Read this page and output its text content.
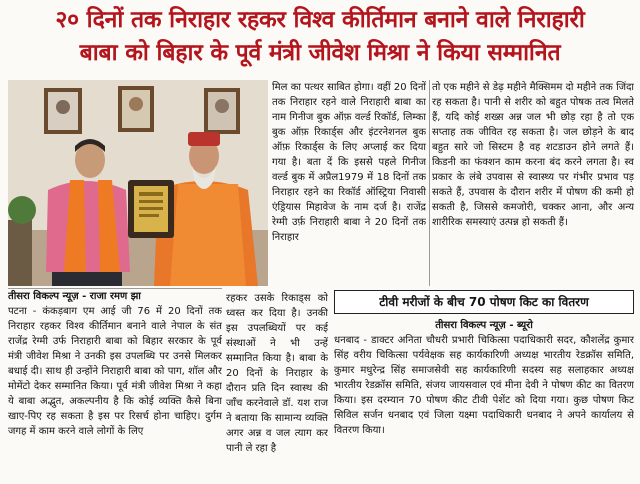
२० दिनों तक निराहार रहकर विश्व कीर्तिमान बनाने वाले निराहारी
बाबा को बिहार के पूर्व मंत्री जीवेश मिश्रा ने किया सम्मानित
तीसरा विकल्प न्यूज़ - राजा रमण झा
पटना - कंकड़बाग एम आई जी 76 में 20 दिनों तक निराहार रहकर विश्व कीर्तिमान बनाने वाले नेपाल के संत राजेंद्र रेग्मी उर्फ निराहारी बाबा को बिहार सरकार के पूर्व मंत्री जीवेश मिश्रा ने उनकी इस उपलब्धि पर उनसे मिलकर बधाई दी। साथ ही उन्होंने निराहारी बाबा को पाग, शॉल और मोमेंटो देकर सम्मानित किया। पूर्व मंत्री जीवेश मिश्रा ने कहा ये बाबा अद्भुत, अकल्पनीय है कि कोई व्यक्ति कैसे बिना खाए-पिए रह सकता है इस पर रिसर्च होना चाहिए। दुर्गम जगह में काम करने वाले लोगों के लिए
मिल का पत्थर साबित होगा। वहीं 20 दिनों तक निराहार रहने वाले निराहारी बाबा का नाम गिनीज बुक ऑफ़ वर्ल्ड रिकॉर्ड, लिम्का बुक ऑफ़ रिकार्ड्स और इंटरनेशनल बुक ऑफ़ रिकार्ड्स के लिए अप्लाई कर दिया गया है। बता दें कि इससे पहले गिनीज वर्ल्ड बुक में अप्रैल1979 में 18 दिनों तक निराहार रहने का रिकॉर्ड ऑस्ट्रिया निवासी एंड्रियास मिहावेज के नाम दर्ज है। राजेंद्र रेग्मी उर्फ़ निराहारी बाबा ने 20 दिनों तक निराहार
रहकर उसके रिकाड्‌स को ध्वस्त कर दिया है। उनकी इस उपलब्धियों पर कई संस्थाओं ने भी उन्हें सम्मानित किया है। बाबा के 20 दिनों के निराहार के दौरान प्रति दिन स्वास्थ की जाँच करनेवाले डॉ. यश राज ने बताया कि सामान्य व्यक्ति अगर अन्न व जल त्याग कर पानी ले रहा है
तो एक महीने से डेढ़ महीने मैक्सिमम दो महीने तक जिंदा रह सकता है। पानी से शरीर को बहुत पोषक तत्व मिलते हैं, यदि कोई शख्स अन्न जल भी छोड़ रहा है तो एक सप्ताह तक जीवित रह सकता है। जल छोड़ने के बाद बहुत सारे जो सिस्टम है वह शटडाउन होने लगते हैं। किडनी का फंक्शन काम करना बंद करने लगता है। स्व प्रकार के लंबे उपवास से स्वास्थ्य पर गंभीर प्रभाव पड़ सकते हैं, उपवास के दौरान शरीर में पोषण की कमी हो सकती है, जिससे कमजोरी, चक्कर आना, और अन्य शारीरिक समस्याएं उत्पन्न हो सकती हैं।
टीवी मरीजों के बीच 70 पोषण किट का वितरण
तीसरा विकल्प न्यूज़ - ब्यूरो
धनबाद - डाक्टर अनिता चौधरी प्रभारी चिकित्सा पदाधिकारी सदर, कौशलेंद्र कुमार सिंह वरीय चिकित्सा पर्यवेक्षक सह कार्यकारिणी अध्यक्ष भारतीय रेडक्रॉस समिति, कुमार मधुरेन्द्र सिंह समाजसेवी सह कार्यकारिणी सदस्य सह सलाहकार अध्यक्ष भारतीय रेडक्रॉस समिति, संजय जायसवाल एवं मीना देवी ने पोषण कीट का वितरण किया। इस दरम्यान 70 पोषण कीट टीवी पेशेंट को दिया गया। कुछ पोषण किट सिविल सर्जन धनबाद एवं जिला यक्ष्मा पदाधिकारी धनबाद ने अपने कार्यालय से वितरण किया।
